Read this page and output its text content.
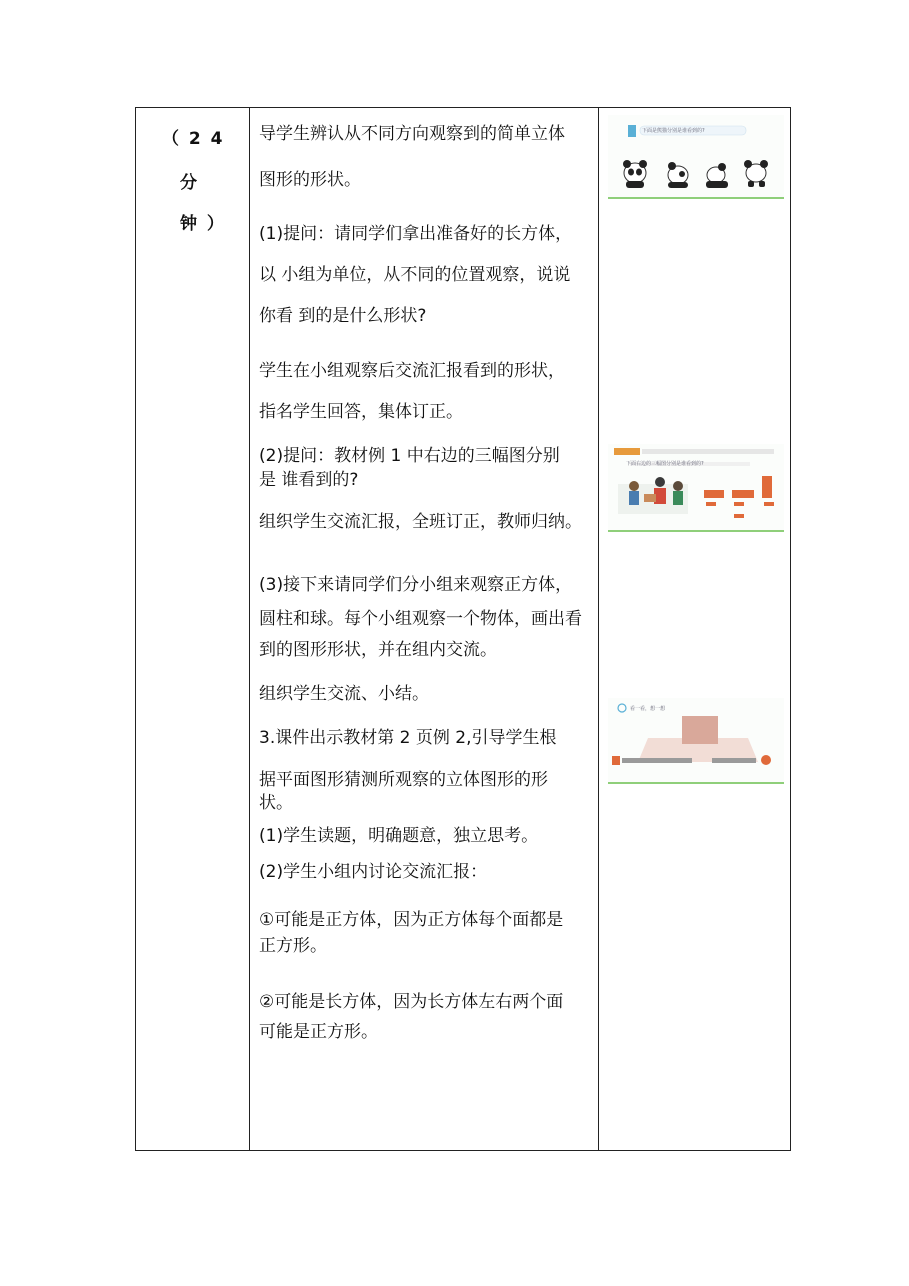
（ 2 4
分
钟 ）
导学生辨认从不同方向观察到的简单立体
图形的形状。
(1)提问：请同学们拿出准备好的长方体，
以 小组为单位，从不同的位置观察，说说
你看 到的是什么形状?
学生在小组观察后交流汇报看到的形状，
指名学生回答，集体订正。
(2)提问：教材例 1 中右边的三幅图分别
是 谁看到的?
组织学生交流汇报，全班订正，教师归纳。
(3)接下来请同学们分小组来观察正方体，
圆柱和球。每个小组观察一个物体，画出看
到的图形形状，并在组内交流。
组织学生交流、小结。
3.课件出示教材第 2 页例 2,引导学生根
据平面图形猜测所观察的立体图形的形
状。
(1)学生读题，明确题意，独立思考。
(2)学生小组内讨论交流汇报：
①可能是正方体，因为正方体每个面都是
正方形。
②可能是长方体，因为长方体左右两个面
可能是正方形。
下面是熊猫分别是谁看到的?
下面右边的三幅图分别是谁看到的?
看一看，想一想
